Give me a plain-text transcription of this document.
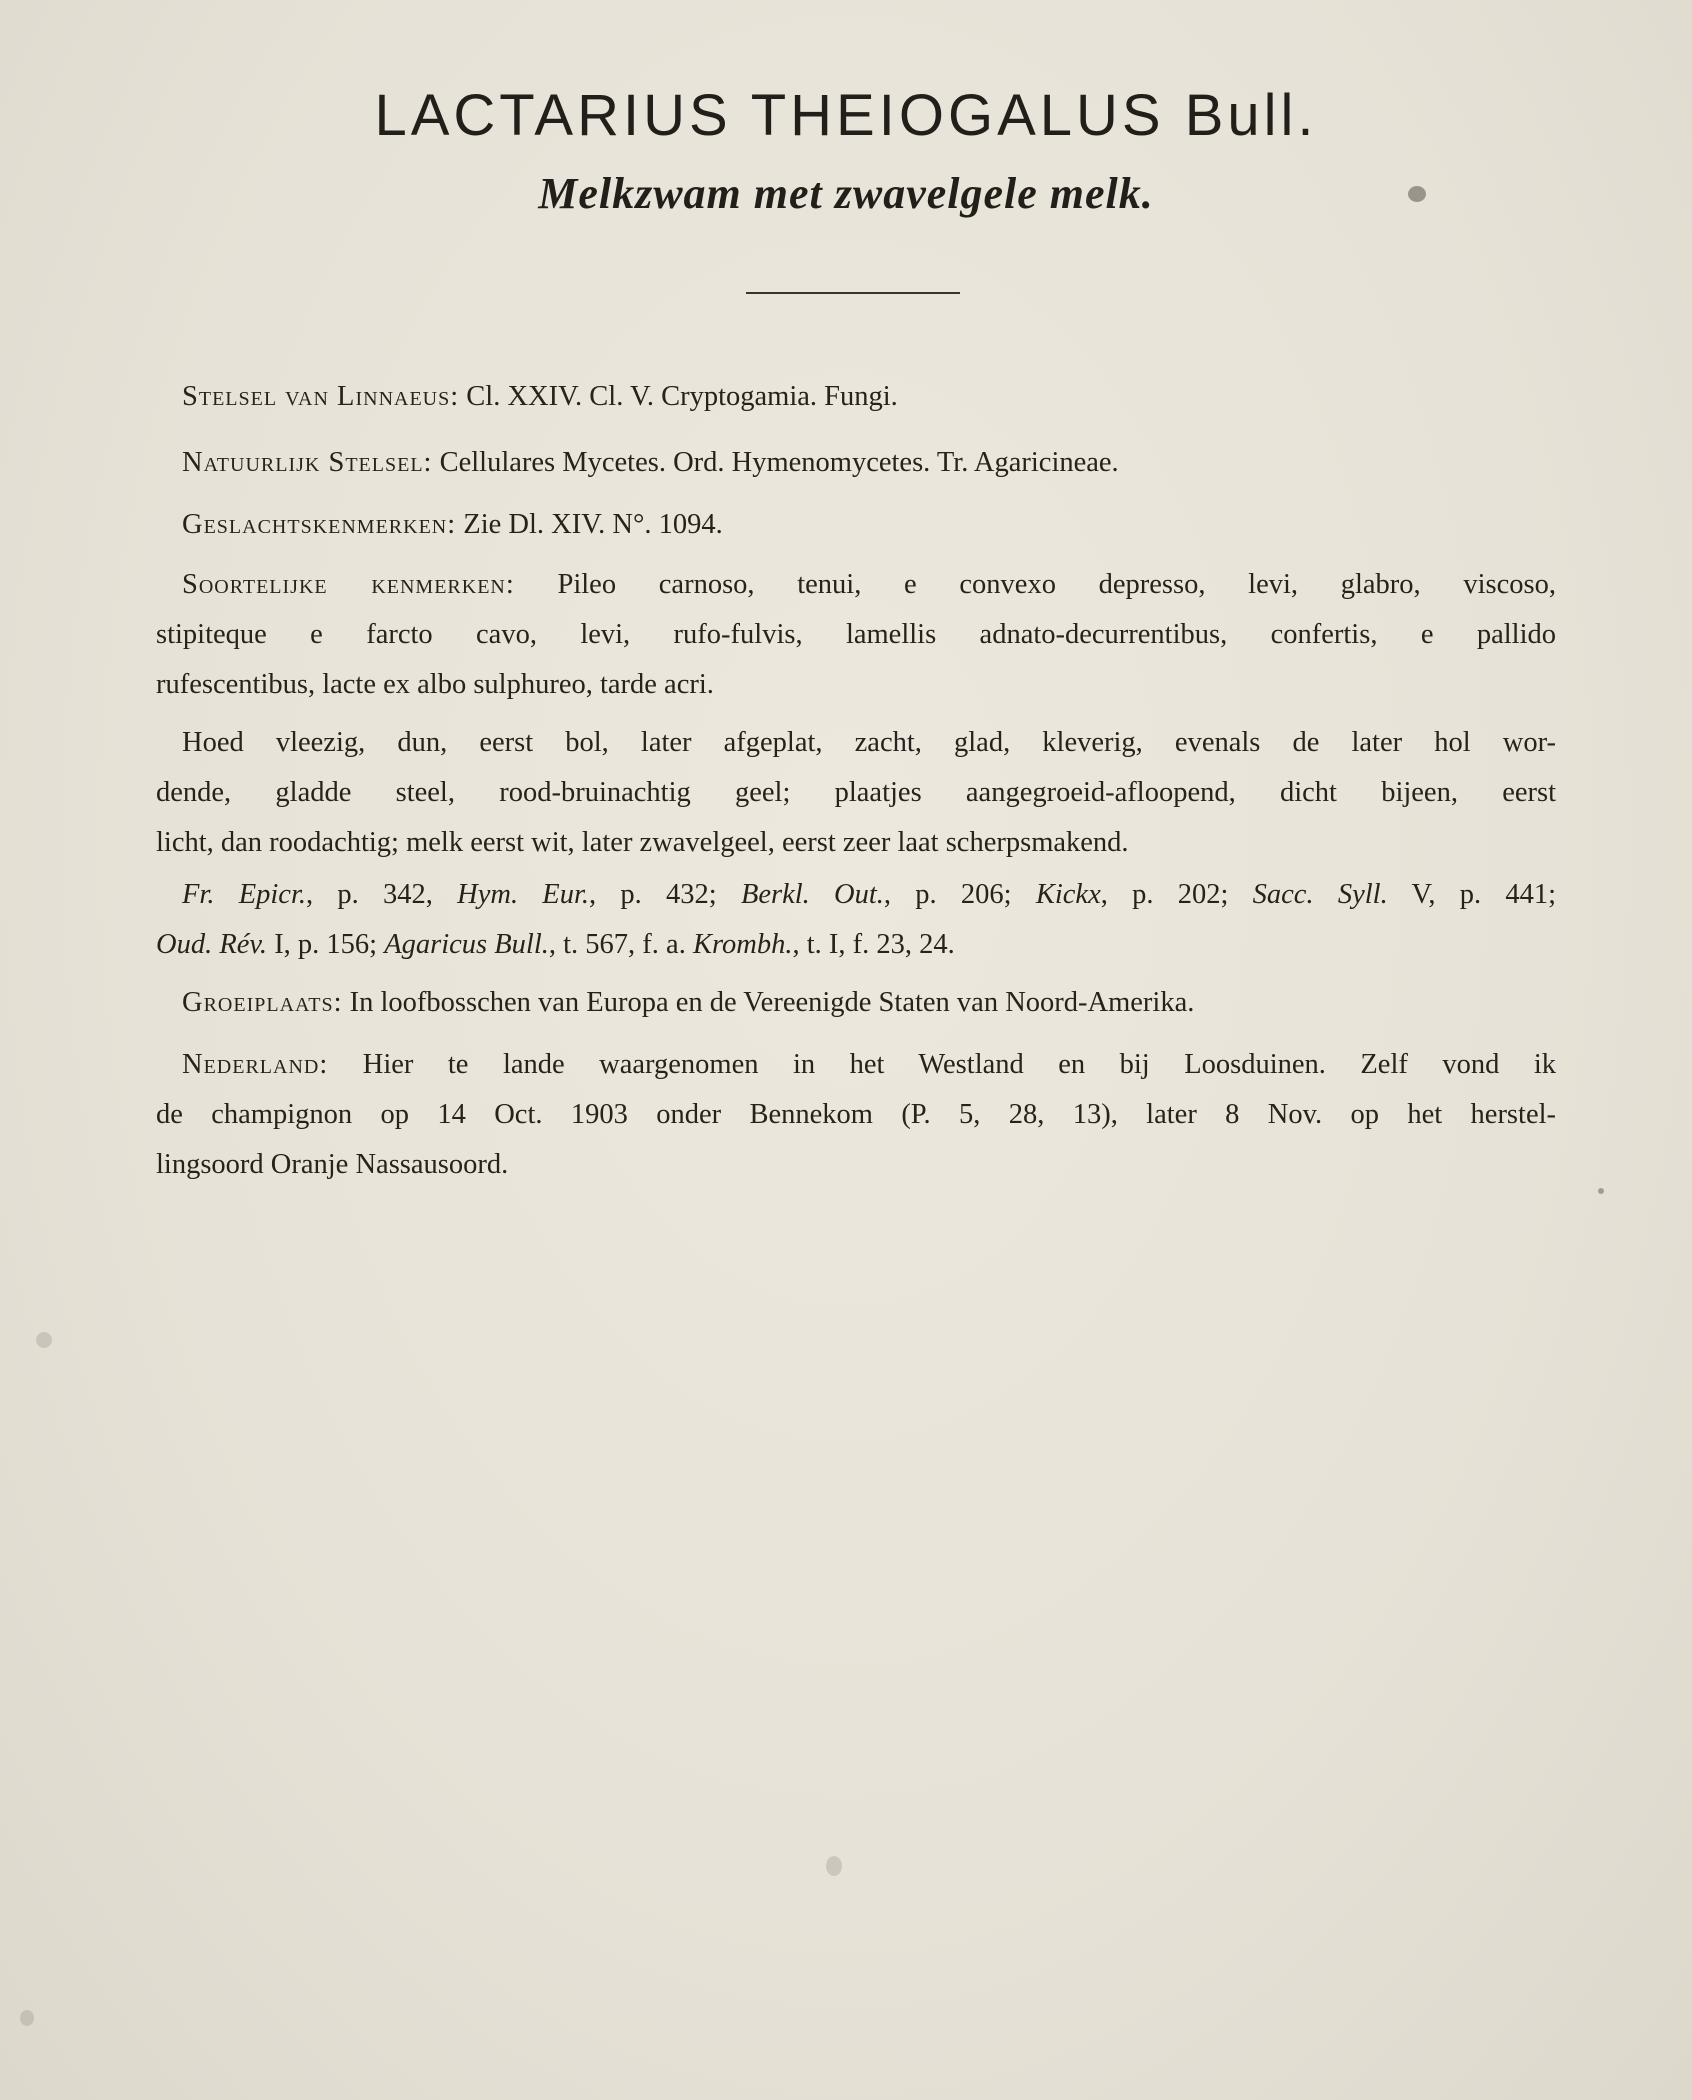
LACTARIUS THEIOGALUS Bull.
Melkzwam met zwavelgele melk.
Stelsel van Linnaeus: Cl. XXIV. Cl. V. Cryptogamia. Fungi.
Natuurlijk Stelsel: Cellulares Mycetes. Ord. Hymenomycetes. Tr. Agaricineae.
Geslachtskenmerken: Zie Dl. XIV. N°. 1094.
Soortelijke kenmerken: Pileo carnoso, tenui, e convexo depresso, levi, glabro, viscoso,
stipiteque e farcto cavo, levi, rufo-fulvis, lamellis adnato-decurrentibus, confertis, e pallido
rufescentibus, lacte ex albo sulphureo, tarde acri.
Hoed vleezig, dun, eerst bol, later afgeplat, zacht, glad, kleverig, evenals de later hol wor-
dende, gladde steel, rood-bruinachtig geel; plaatjes aangegroeid-afloopend, dicht bijeen, eerst
licht, dan roodachtig; melk eerst wit, later zwavelgeel, eerst zeer laat scherpsmakend.
Fr. Epicr., p. 342, Hym. Eur., p. 432; Berkl. Out., p. 206; Kickx, p. 202; Sacc. Syll. V, p. 441;
Oud. Rév. I, p. 156; Agaricus Bull., t. 567, f. a. Krombh., t. I, f. 23, 24.
Groeiplaats: In loofbosschen van Europa en de Vereenigde Staten van Noord-Amerika.
Nederland: Hier te lande waargenomen in het Westland en bij Loosduinen. Zelf vond ik
de champignon op 14 Oct. 1903 onder Bennekom (P. 5, 28, 13), later 8 Nov. op het herstel-
lingsoord Oranje Nassausoord.
